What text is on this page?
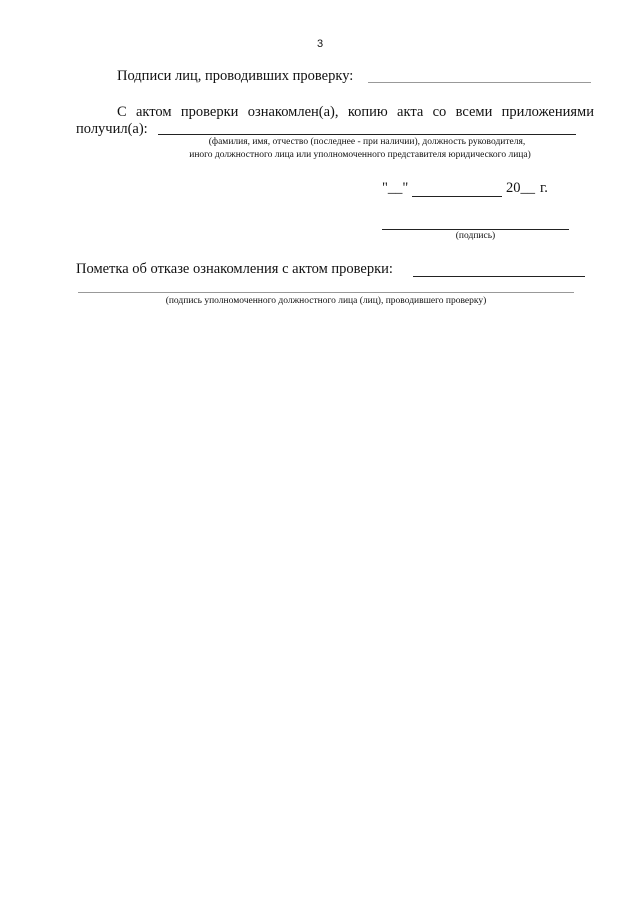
3
Подписи лиц, проводивших проверку:
С актом проверки ознакомлен(а), копию акта со всеми приложениями
получил(а):
(фамилия, имя, отчество (последнее - при наличии), должность руководителя,
иного должностного лица или уполномоченного представителя юридического лица)
"__"	20__ г.
(подпись)
Пометка об отказе ознакомления с актом проверки:
(подпись уполномоченного должностного лица (лиц), проводившего проверку)
